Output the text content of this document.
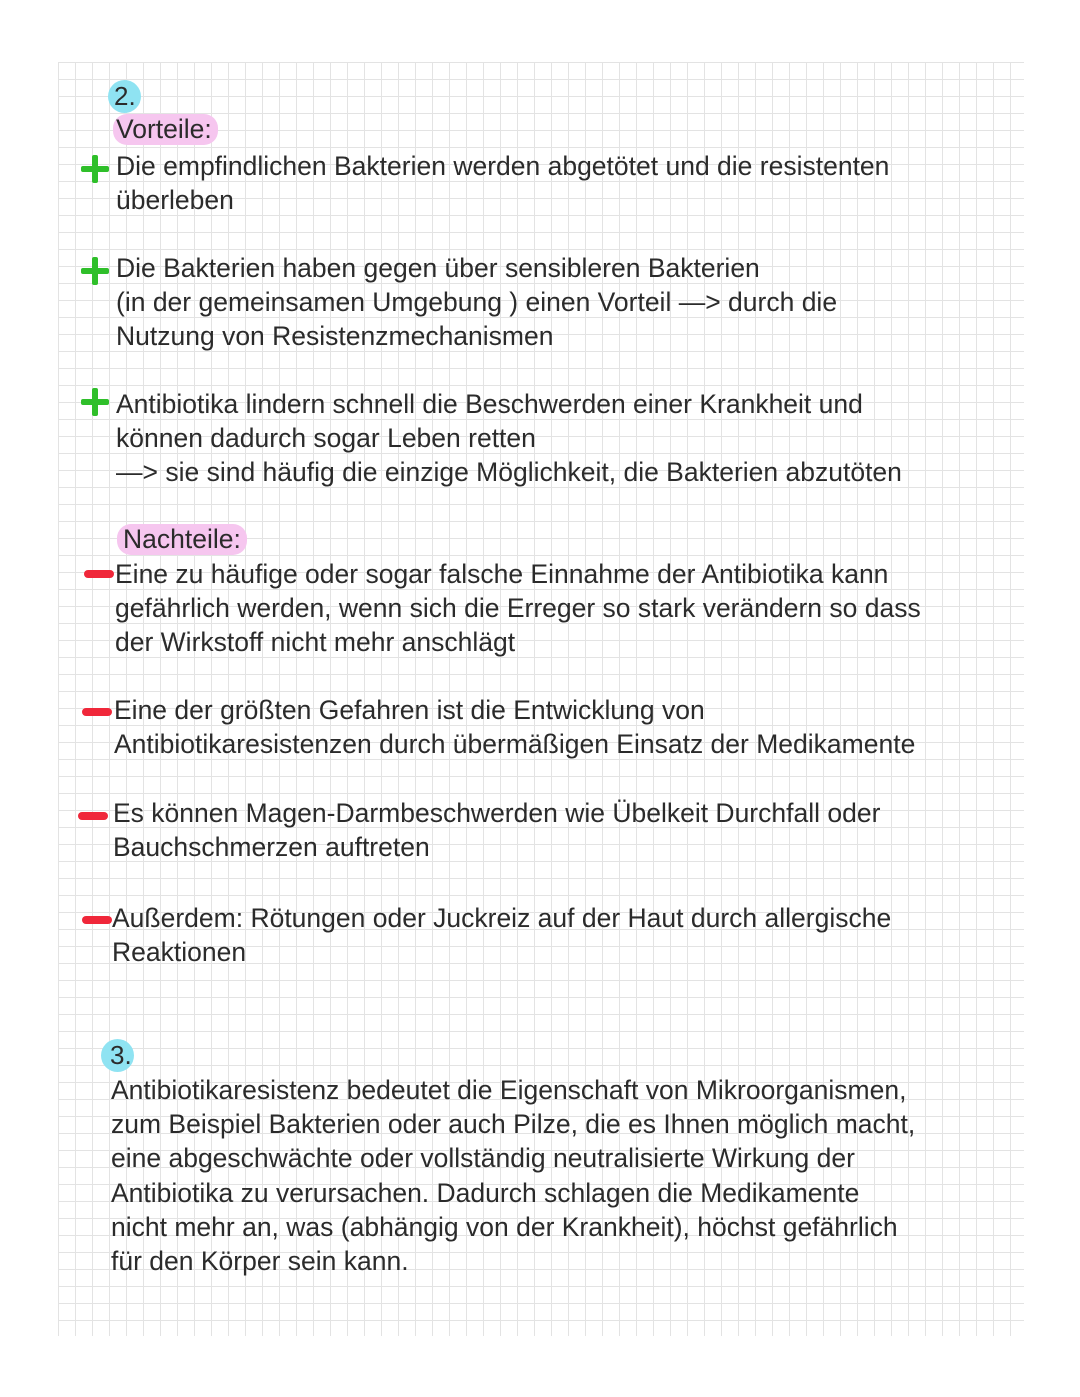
2.
Vorteile:
Die empfindlichen Bakterien werden abgetötet und die resistenten
überleben
Die Bakterien haben gegen über sensibleren Bakterien
(in der gemeinsamen Umgebung ) einen Vorteil —> durch die
Nutzung von Resistenzmechanismen
Antibiotika lindern schnell die Beschwerden einer Krankheit und
können dadurch sogar Leben retten
—> sie sind häufig die einzige Möglichkeit, die Bakterien abzutöten
Nachteile:
Eine zu häufige oder sogar falsche Einnahme der Antibiotika kann
gefährlich werden, wenn sich die Erreger so stark verändern so dass
der Wirkstoff nicht mehr anschlägt
Eine der größten Gefahren ist die Entwicklung von
Antibiotikaresistenzen durch übermäßigen Einsatz der Medikamente
Es können Magen-Darmbeschwerden wie Übelkeit Durchfall oder
Bauchschmerzen auftreten
Außerdem: Rötungen oder Juckreiz auf der Haut durch allergische
Reaktionen
3.
Antibiotikaresistenz bedeutet die Eigenschaft von Mikroorganismen,
zum Beispiel Bakterien oder auch Pilze, die es Ihnen möglich macht,
eine abgeschwächte oder vollständig neutralisierte Wirkung der
Antibiotika zu verursachen. Dadurch schlagen die Medikamente
nicht mehr an, was (abhängig von der Krankheit), höchst gefährlich
für den Körper sein kann.
